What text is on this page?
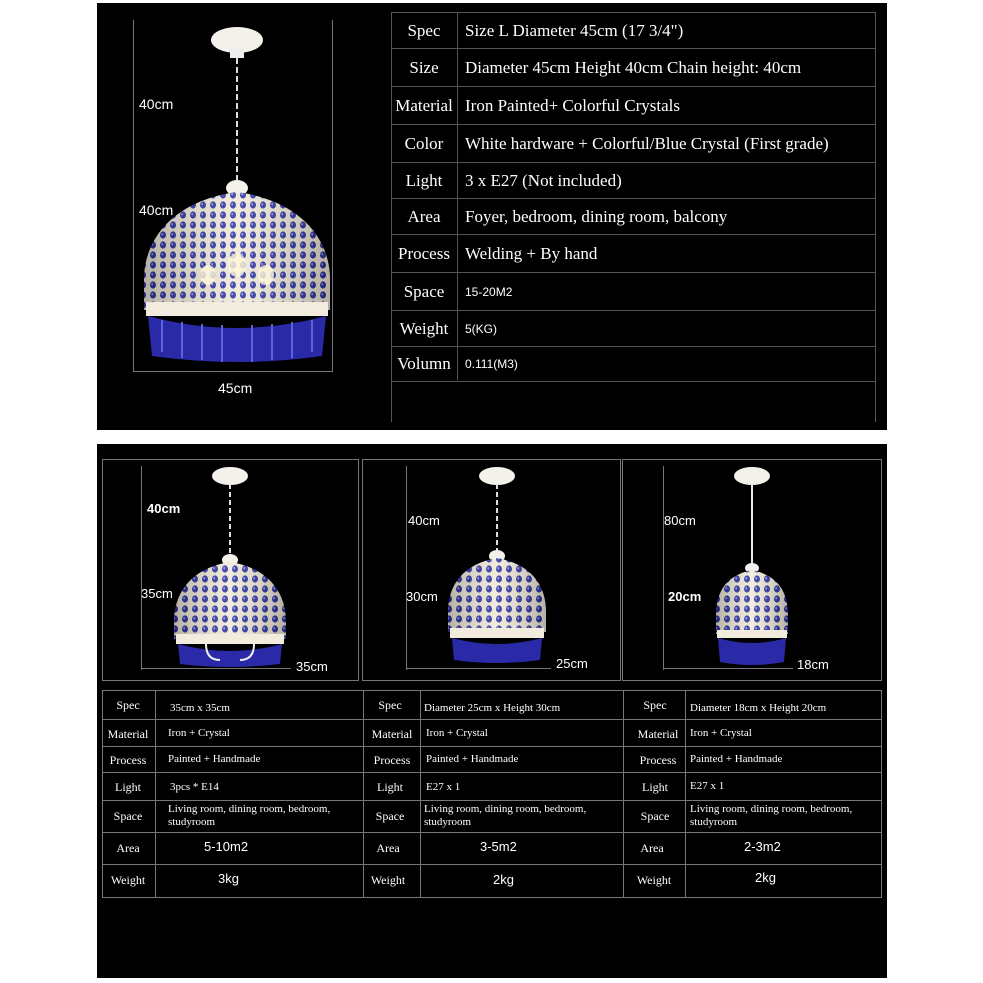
40cm
40cm
45cm
Spec	Size L Diameter 45cm (17 3/4")
Size	Diameter 45cm Height 40cm Chain height: 40cm
Material Iron Painted+ Colorful Crystals
Color	White hardware + Colorful/Blue Crystal (First grade)
Light	3 x E27 (Not included)
Area	Foyer, bedroom, dining room, balcony
Process Welding + By hand
Space	15-20M2
Weight	5(KG)
Volumn	0.111(M3)
40cm
35cm
35cm
40cm
30cm
25cm
80cm
20cm
18cm
Spec	35cm x 35cm
Material	Iron + Crystal
Process	Painted + Handmade
Light	3pcs * E14
Space	Living room, dining room, bedroom,
studyroom
Area	5-10m2
Weight	3kg
Spec	Diameter 25cm x Height 30cm
Material	Iron + Crystal
Process	Painted + Handmade
Light	E27 x 1
Space	Living room, dining room, bedroom,
studyroom
Area	3-5m2
Weight	2kg
Spec	Diameter 18cm x Height 20cm
Material	Iron + Crystal
Process	Painted + Handmade
Light	E27 x 1
Space	Living room, dining room, bedroom,
studyroom
Area	2-3m2
Weight	2kg
